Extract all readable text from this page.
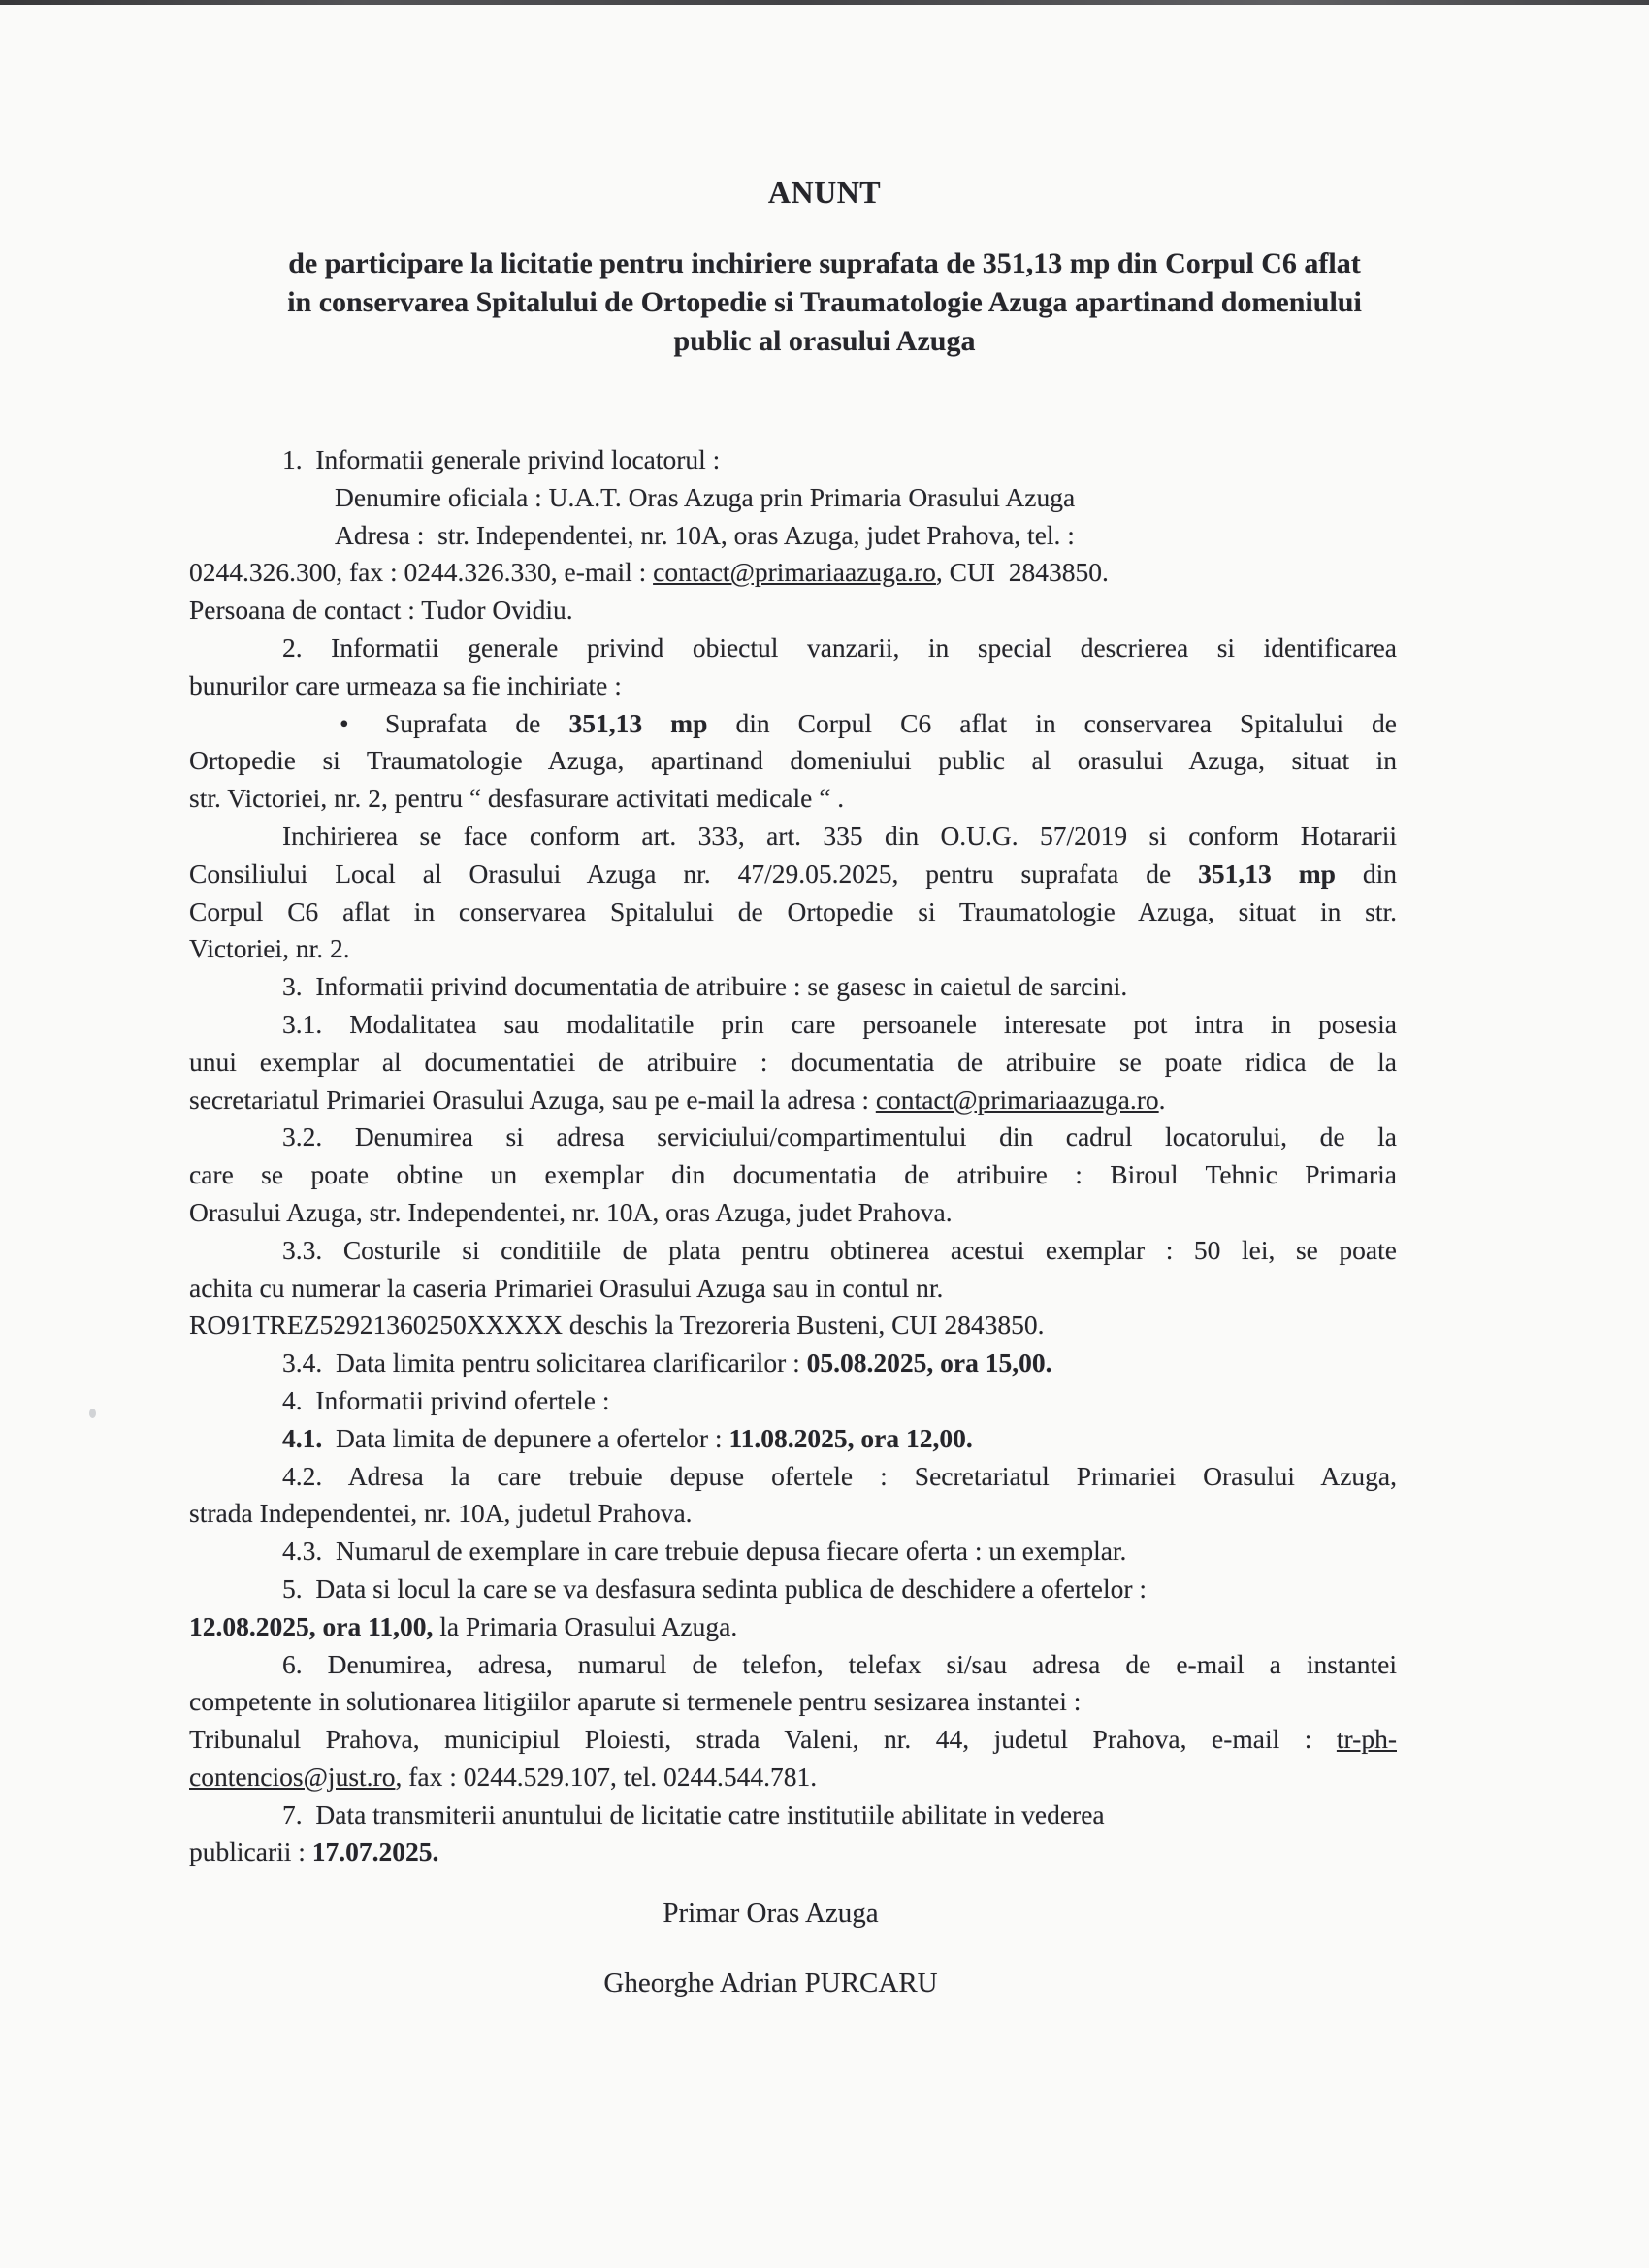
ANUNT
de participare la licitatie pentru inchiriere suprafata de 351,13 mp din Corpul C6 aflat
in conservarea Spitalului de Ortopedie si Traumatologie Azuga apartinand domeniului
public al orasului Azuga
1.  Informatii generale privind locatorul :
Denumire oficiala : U.A.T. Oras Azuga prin Primaria Orasului Azuga
Adresa :  str. Independentei, nr. 10A, oras Azuga, judet Prahova, tel. :
0244.326.300, fax : 0244.326.330, e-mail : contact@primariaazuga.ro, CUI  2843850.
Persoana de contact : Tudor Ovidiu.
2. Informatii generale privind obiectul vanzarii, in special descrierea si identificarea
bunurilor care urmeaza sa fie inchiriate :
• Suprafata de 351,13 mp din Corpul C6 aflat in conservarea Spitalului de
Ortopedie si Traumatologie Azuga, apartinand domeniului public al orasului Azuga, situat in
str. Victoriei, nr. 2, pentru “ desfasurare activitati medicale “ .
Inchirierea se face conform art. 333, art. 335 din O.U.G. 57/2019 si conform Hotararii
Consiliului Local al Orasului Azuga nr. 47/29.05.2025, pentru suprafata de 351,13 mp din
Corpul C6 aflat in conservarea Spitalului de Ortopedie si Traumatologie Azuga, situat in str.
Victoriei, nr. 2.
3.  Informatii privind documentatia de atribuire : se gasesc in caietul de sarcini.
3.1. Modalitatea sau modalitatile prin care persoanele interesate pot intra in posesia
unui exemplar al documentatiei de atribuire : documentatia de atribuire se poate ridica de la
secretariatul Primariei Orasului Azuga, sau pe e-mail la adresa : contact@primariaazuga.ro.
3.2. Denumirea si adresa serviciului/compartimentului din cadrul locatorului, de la
care se poate obtine un exemplar din documentatia de atribuire : Biroul Tehnic Primaria
Orasului Azuga, str. Independentei, nr. 10A, oras Azuga, judet Prahova.
3.3. Costurile si conditiile de plata pentru obtinerea acestui exemplar : 50 lei, se poate
achita cu numerar la caseria Primariei Orasului Azuga sau in contul nr.
RO91TREZ52921360250XXXXX deschis la Trezoreria Busteni, CUI 2843850.
3.4.  Data limita pentru solicitarea clarificarilor : 05.08.2025, ora 15,00.
4.  Informatii privind ofertele :
4.1.  Data limita de depunere a ofertelor : 11.08.2025, ora 12,00.
4.2. Adresa la care trebuie depuse ofertele : Secretariatul Primariei Orasului Azuga,
strada Independentei, nr. 10A, judetul Prahova.
4.3.  Numarul de exemplare in care trebuie depusa fiecare oferta : un exemplar.
5.  Data si locul la care se va desfasura sedinta publica de deschidere a ofertelor :
12.08.2025, ora 11,00, la Primaria Orasului Azuga.
6. Denumirea, adresa, numarul de telefon, telefax si/sau adresa de e-mail a instantei
competente in solutionarea litigiilor aparute si termenele pentru sesizarea instantei :
Tribunalul Prahova, municipiul Ploiesti, strada Valeni, nr. 44, judetul Prahova, e-mail : tr-ph-
contencios@just.ro, fax : 0244.529.107, tel. 0244.544.781.
7.  Data transmiterii anuntului de licitatie catre institutiile abilitate in vederea
publicarii : 17.07.2025.
Primar Oras Azuga
Gheorghe Adrian PURCARU
